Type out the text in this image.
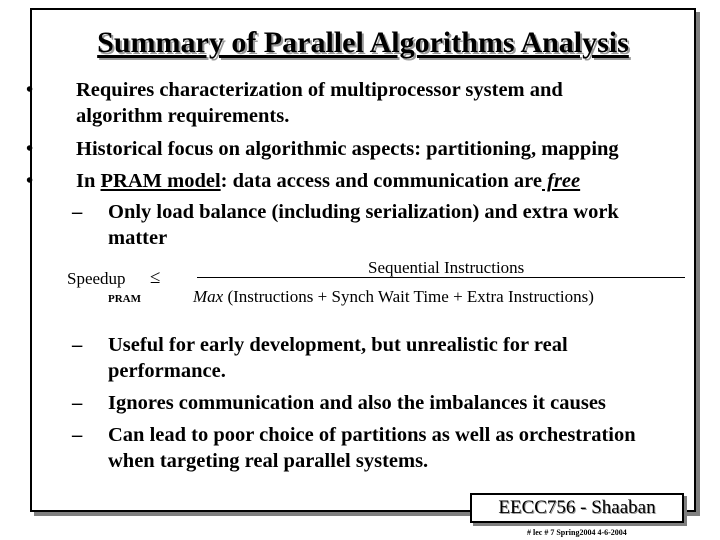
Summary of Parallel Algorithms Analysis
• Requires characterization of multiprocessor system and
algorithm requirements.
• Historical focus on algorithmic aspects: partitioning, mapping
• In PRAM model: data access and communication are free
– Only load balance (including serialization) and extra work
matter
Speedup ≤
PRAM
Sequential Instructions
Max (Instructions + Synch Wait Time + Extra Instructions)
– Useful for early development, but unrealistic for real
performance.
– Ignores communication and also the imbalances it causes
– Can lead to poor choice of partitions as well as orchestration
when targeting real parallel systems.
EECC756 - Shaaban
# lec # 7 Spring2004 4-6-2004
